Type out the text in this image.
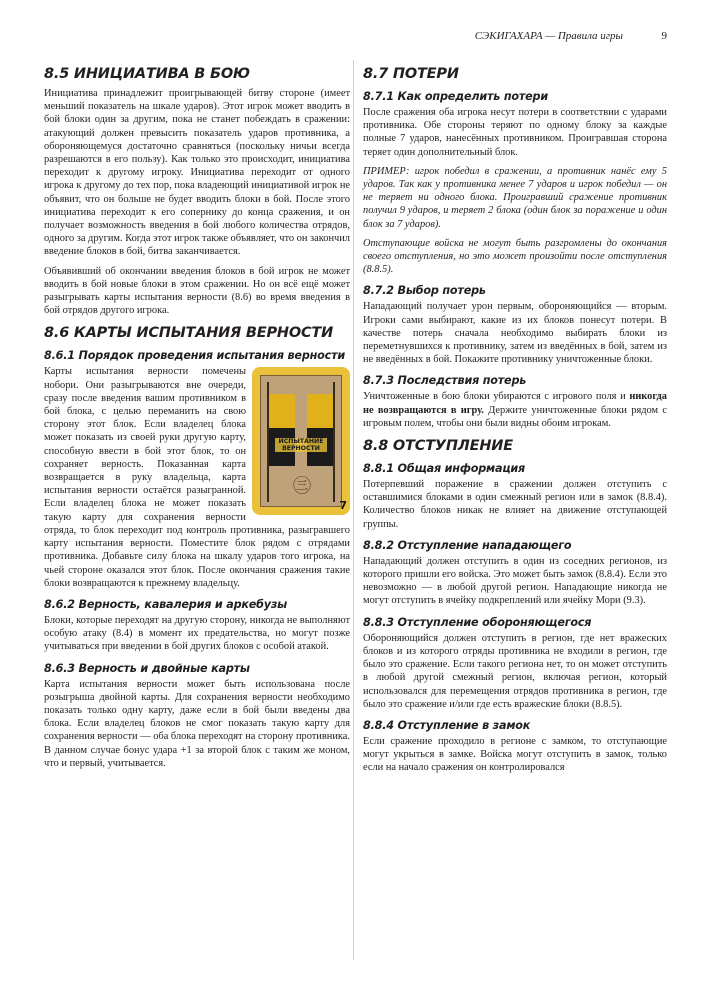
СЭКИГАХАРА — Правила игры	9
8.5 ИНИЦИАТИВА В БОЮ

Инициатива принадлежит проигрывающей битву стороне (имеет меньший показатель на шкале ударов). Этот игрок может вводить в бой блоки один за другим, пока не станет побеждать в сражении: атакующий должен превысить показатель ударов противника, а обороняющемуся достаточно сравняться (поскольку ничьи всегда разрешаются в его пользу). Как только это происходит, инициатива переходит к другому игроку. Инициатива переходит от одного игрока к другому до тех пор, пока владеющий инициативой игрок не объявит, что он больше не будет вводить блоки в бой. После этого инициатива переходит к его сопернику до конца сражения, и он получает возможность введения в бой любого количества отрядов, одного за другим. Когда этот игрок также объявляет, что он закончил введение блоков в бой, битва заканчивается.

Объявивший об окончании введения блоков в бой игрок не может вводить в бой новые блоки в этом сражении. Но он всё ещё может разыгрывать карты испытания верности (8.6) во время введения в бой отрядов другого игрока.

8.6 КАРТЫ ИСПЫТАНИЯ ВЕРНОСТИ
8.6.1 Порядок проведения испытания верности
ИСПЫТАНИЕ ВЕРНОСТИ
㊂
7

Карты испытания верности помечены нобори. Они разыгрываются вне очереди, сразу после введения вашим противником в бой блока, с целью переманить на свою сторону этот блок. Если владелец блока может показать из своей руки другую карту, способную ввести в бой этот блок, то он сохраняет верность. Показанная карта возвращается в руку владельца, карта испытания верности остаётся разыгранной. Если владелец блока не может показать такую карту для сохранения верности отряда, то блок переходит под контроль противника, разыгравшего карту испытания верности. Поместите блок рядом с отрядами противника. Добавьте силу блока на шкалу ударов того игрока, на чьей стороне оказался этот блок. После окончания сражения такие блоки возвращаются к прежнему владельцу.

8.6.2 Верность, кавалерия и аркебузы

Блоки, которые переходят на другую сторону, никогда не выполняют особую атаку (8.4) в момент их предательства, но могут позже учитываться при введении в бой других блоков с особой атакой.

8.6.3 Верность и двойные карты

Карта испытания верности может быть использована после розыгрыша двойной карты. Для сохранения верности необходимо показать только одну карту, даже если в бой были введены два блока. Если владелец блоков не смог показать такую карту для сохранения верности — оба блока переходят на сторону противника. В данном случае бонус удара +1 за второй блок с таким же моном, что и первый, учитывается.

8.7 ПОТЕРИ
8.7.1 Как определить потери

После сражения оба игрока несут потери в соответствии с ударами противника. Обе стороны теряют по одному блоку за каждые полные 7 ударов, нанесённых противником. Проигравшая сторона теряет один дополнительный блок.

ПРИМЕР: игрок победил в сражении, а противник нанёс ему 5 ударов. Так как у противника менее 7 ударов и игрок победил — он не теряет ни одного блока. Проигравший сражение противник получил 9 ударов, и теряет 2 блока (один блок за поражение и один блок за 7 ударов).

Отступающие войска не могут быть разгромлены до окончания своего отступления, но это может произойти после отступления (8.8.5).

8.7.2 Выбор потерь

Нападающий получает урон первым, обороняющийся — вторым. Игроки сами выбирают, какие из их блоков понесут потери. В качестве потерь сначала необходимо выбирать блоки из переметнувшихся к противнику, затем из введённых в бой, затем из не введённых в бой. Покажите противнику уничтоженные блоки.

8.7.3 Последствия потерь

Уничтоженные в бою блоки убираются с игрового поля и никогда не возвращаются в игру. Держите уничтоженные блоки рядом с игровым полем, чтобы они были видны обоим игрокам.

8.8 ОТСТУПЛЕНИЕ
8.8.1 Общая информация

Потерпевший поражение в сражении должен отступить с оставшимися блоками в один смежный регион или в замок (8.8.4). Количество блоков никак не влияет на движение отступающей группы.

8.8.2 Отступление нападающего

Нападающий должен отступить в один из соседних регионов, из которого пришли его войска. Это может быть замок (8.8.4). Если это невозможно — в любой другой регион. Нападающие никогда не могут отступить в ячейку подкреплений или ячейку Мори (9.3).

8.8.3 Отступление обороняющегося

Обороняющийся должен отступить в регион, где нет вражеских блоков и из которого отряды противника не входили в регион, где было это сражение. Если такого региона нет, то он может отступить в любой другой смежный регион, включая регион, который использовался для перемещения отрядов противника в регион, где было это сражение и/или где есть вражеские блоки (8.8.5).

8.8.4 Отступление в замок

Если сражение проходило в регионе с замком, то отступающие могут укрыться в замке. Войска могут отступить в замок, только если на начало сражения он контролировался
